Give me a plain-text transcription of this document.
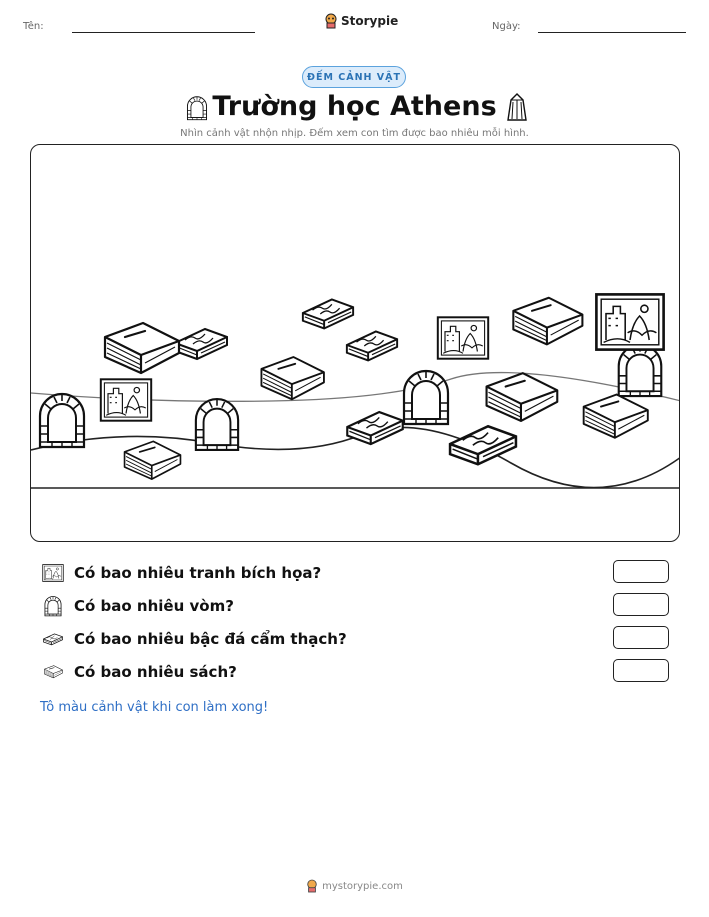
Tên:	Storypie	Ngày:
ĐẾM CẢNH VẬT
Trường học Athens
Nhìn cảnh vật nhộn nhịp. Đếm xem con tìm được bao nhiêu mỗi hình.
Có bao nhiêu tranh bích họa?
Có bao nhiêu vòm?
Có bao nhiêu bậc đá cẩm thạch?
Có bao nhiêu sách?
Tô màu cảnh vật khi con làm xong!
mystorypie.com
